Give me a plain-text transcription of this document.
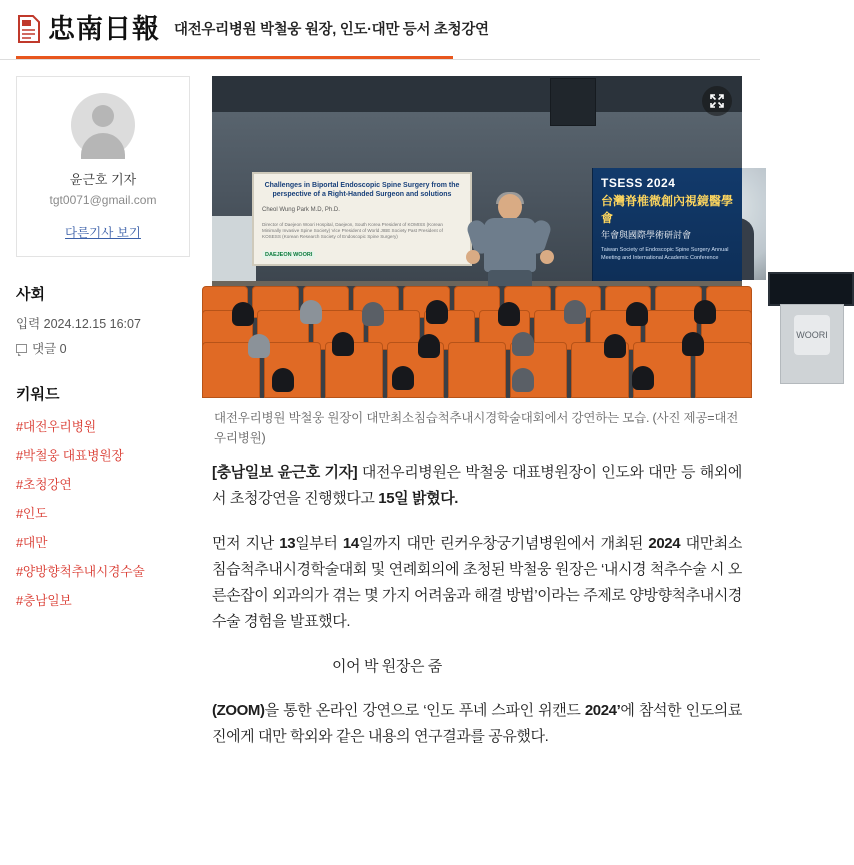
忠南日報 대전우리병원 박철웅 원장, 인도·대만 등서 초청강연
윤근호 기자
tgt0071@gmail.com
다른기사 보기
사회
입력 2024.12.15 16:07
댓글 0
키워드
#대전우리병원
#박철웅 대표병원장
#초청강연
#인도
#대만
#양방향척추내시경수술
#충남일보
Challenges in Biportal Endoscopic Spine Surgery from the perspective of a Right-Handed Surgeon and solutions
Cheol Wung Park M.D, Ph.D.
Director of Daejeon Woori Hospital, Daejeon, South Korea President of KOMISS (Korean Minimally Invasive Spine Society) Vice President of World JIBE Society Past President of KOSESS (Korean Research Society of Endoscopic Spine Surgery)
DAEJEON WOORI
TSESS 2024
台灣脊椎微創內視鏡醫學會
年會與國際學術研討會
Taiwan Society of Endoscopic Spine Surgery Annual Meeting and International Academic Conference
WOORI
대전우리병원 박철웅 원장이 대만최소침습척추내시경학술대회에서 강연하는 모습. (사진 제공=대전우리병원)

[충남일보 윤근호 기자] 대전우리병원은 박철웅 대표병원장이 인도와 대만 등 해외에서 초청강연을 진행했다고 15일 밝혔다.

먼저 지난 13일부터 14일까지 대만 린커우창궁기념병원에서 개최된 2024 대만최소침습척추내시경학술대회 및 연례회의에 초청된 박철웅 원장은 ‘내시경 척추수술 시 오른손잡이 외과의가 겪는 몇 가지 어려움과 해결 방법’이라는 주제로 양방향척추내시경수술 경험을 발표했다.

이어 박 원장은 줌

(ZOOM)을 통한 온라인 강연으로 ‘인도 푸네 스파인 위캔드 2024’에 참석한 인도의료진에게 대만 학외와 같은 내용의 연구결과를 공유했다.
